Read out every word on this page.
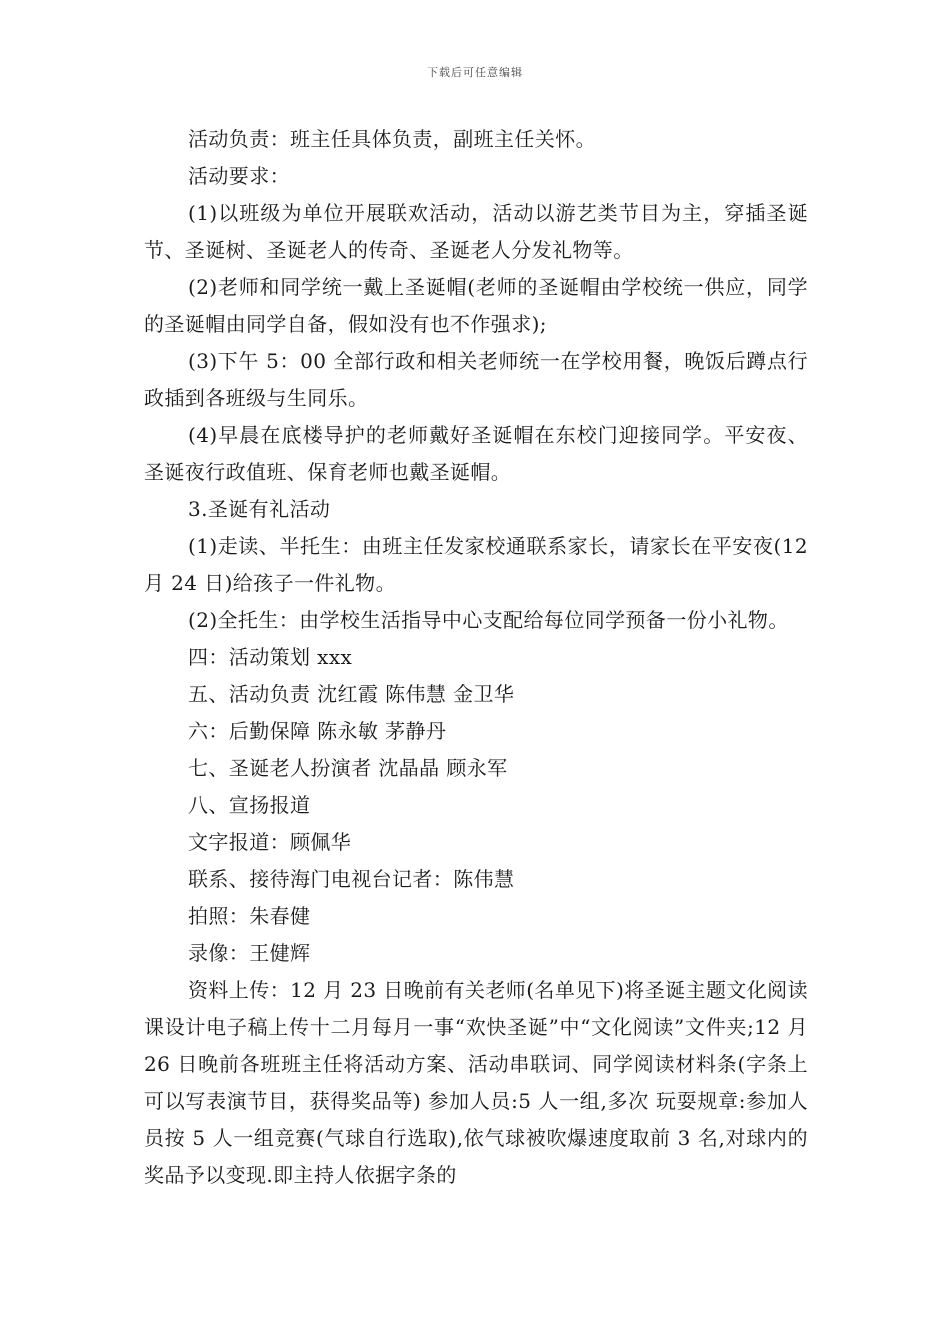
下载后可任意编辑

活动负责：班主任具体负责，副班主任关怀。

活动要求：

(1)以班级为单位开展联欢活动，活动以游艺类节目为主，穿插圣诞节、圣诞树、圣诞老人的传奇、圣诞老人分发礼物等。

(2)老师和同学统一戴上圣诞帽(老师的圣诞帽由学校统一供应，同学的圣诞帽由同学自备，假如没有也不作强求);

(3)下午 5：00 全部行政和相关老师统一在学校用餐，晚饭后蹲点行政插到各班级与生同乐。

(4)早晨在底楼导护的老师戴好圣诞帽在东校门迎接同学。平安夜、圣诞夜行政值班、保育老师也戴圣诞帽。

3.圣诞有礼活动

(1)走读、半托生：由班主任发家校通联系家长，请家长在平安夜(12 月 24 日)给孩子一件礼物。

(2)全托生：由学校生活指导中心支配给每位同学预备一份小礼物。

四：活动策划 xxx

五、活动负责 沈红霞 陈伟慧 金卫华

六：后勤保障 陈永敏 茅静丹

七、圣诞老人扮演者 沈晶晶 顾永军

八、宣扬报道

文字报道：顾佩华

联系、接待海门电视台记者：陈伟慧

拍照：朱春健

录像：王健辉

资料上传：12 月 23 日晚前有关老师(名单见下)将圣诞主题文化阅读课设计电子稿上传十二月每月一事“欢快圣诞”中“文化阅读”文件夹;12 月 26 日晚前各班班主任将活动方案、活动串联词、同学阅读材料条(字条上可以写表演节目，获得奖品等) 参加人员:5 人一组,多次 玩耍规章:参加人员按 5 人一组竞赛(气球自行选取),依气球被吹爆速度取前 3 名,对球内的奖品予以变现.即主持人依据字条的
